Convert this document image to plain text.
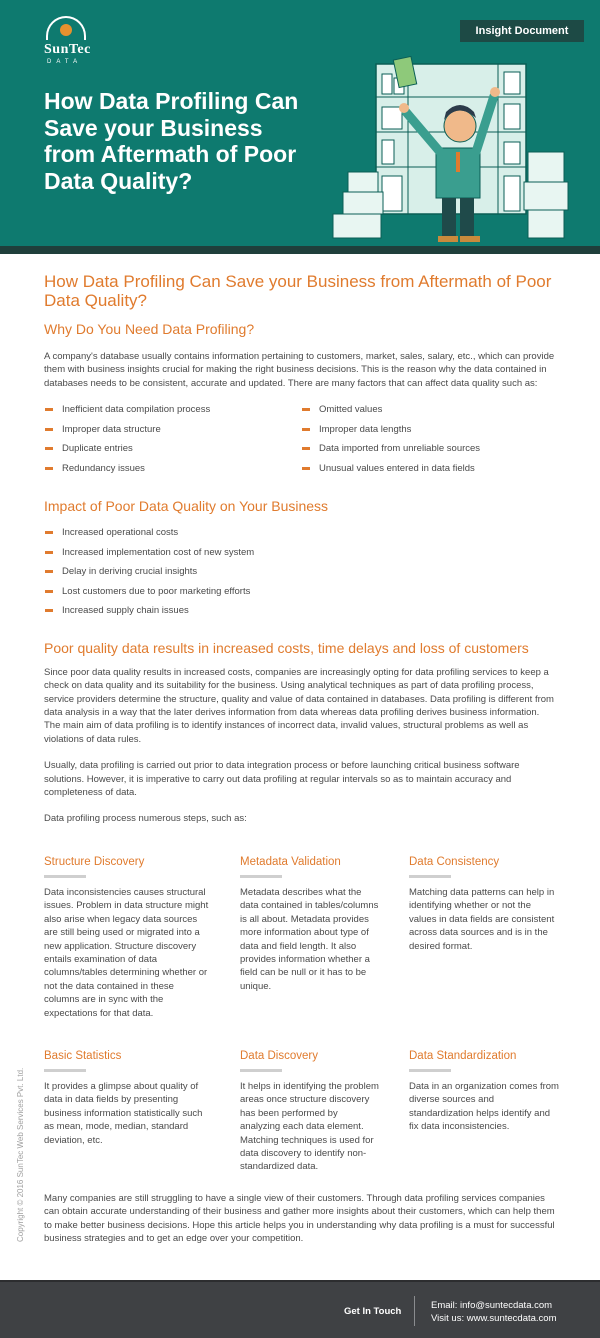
SunTec
DATA
Insight Document
How Data Profiling Can Save your Business from Aftermath of Poor Data Quality?
How Data Profiling Can Save your Business from Aftermath of Poor Data Quality?
Why Do You Need Data Profiling?

A company's database usually contains information pertaining to customers, market, sales, salary, etc., which can provide them with business insights crucial for making the right business decisions. This is the reason why the data contained in databases needs to be consistent, accurate and updated. There are many factors that can affect data quality such as:

Inefficient data compilation process
Improper data structure
Duplicate entries
Redundancy issues
Omitted values
Improper data lengths
Data imported from unreliable sources
Unusual values entered in data fields
Impact of Poor Data Quality on Your Business
Increased operational costs
Increased implementation cost of new system
Delay in deriving crucial insights
Lost customers due to poor marketing efforts
Increased supply chain issues
Poor quality data results in increased costs, time delays and loss of customers

Since poor data quality results in increased costs, companies are increasingly opting for data profiling services to keep a check on data quality and its suitability for the business. Using analytical techniques as part of data profiling process, service providers determine the structure, quality and value of data contained in databases. Data profiling is different from data analysis in a way that the later derives information from data whereas data profiling derives business information. The main aim of data profiling is to identify instances of incorrect data, invalid values, structural problems as well as violations of data rules.

Usually, data profiling is carried out prior to data integration process or before launching critical business software solutions. However, it is imperative to carry out data profiling at regular intervals so as to maintain accuracy and completeness of data.

Data profiling process numerous steps, such as:

Structure Discovery

Data inconsistencies causes structural issues. Problem in data structure might also arise when legacy data sources are still being used or migrated into a new application. Structure discovery entails examination of data columns/tables determining whether or not the data contained in these columns are in sync with the expectations for that data.

Metadata Validation

Metadata describes what the data contained in tables/columns is all about. Metadata provides more information about type of data and field length. It also provides information whether a field can be null or it has to be unique.

Data Consistency

Matching data patterns can help in identifying whether or not the values in data fields are consistent across data sources and is in the desired format.

Basic Statistics

It provides a glimpse about quality of data in data fields by presenting business information statistically such as mean, mode, median, standard deviation, etc.

Data Discovery

It helps in identifying the problem areas once structure discovery has been performed by analyzing each data element. Matching techniques is used for data discovery to identify non-standardized data.

Data Standardization

Data in an organization comes from diverse sources and standardization helps identify and fix data inconsistencies.

Many companies are still struggling to have a single view of their customers. Through data profiling services companies can obtain accurate understanding of their business and gather more insights about their customers, which can help them to make better business decisions. Hope this article helps you in understanding why data profiling is a must for successful business strategies and to get an edge over your competition.

Copyright © 2016 SunTec Web Services Pvt. Ltd.
Get In Touch
Email: info@suntecdata.com
Visit us: www.suntecdata.com
